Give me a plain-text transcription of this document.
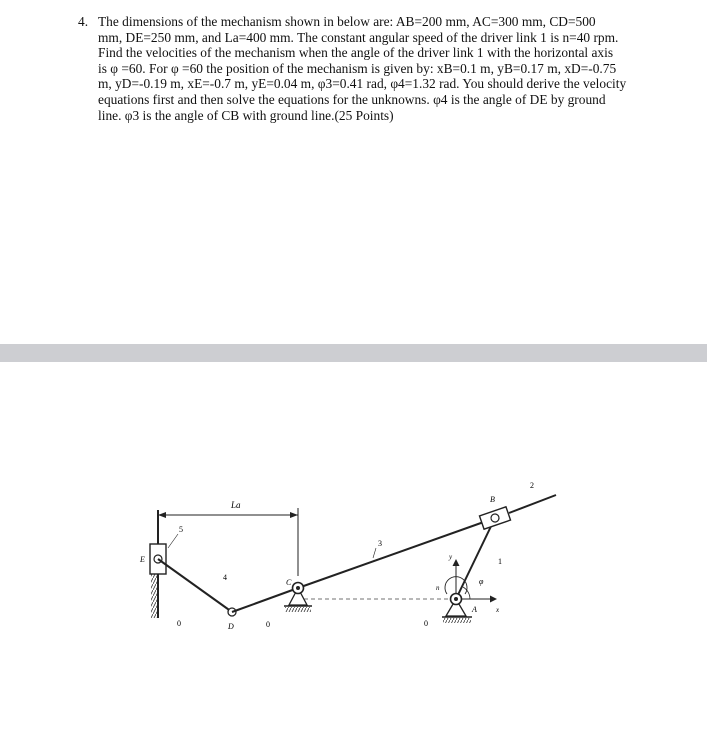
4. The dimensions of the mechanism shown in below are: AB=200 mm, AC=300 mm, CD=500

mm, DE=250 mm, and La=400 mm. The constant angular speed of the driver link 1 is n=40 rpm.

Find the velocities of the mechanism when the angle of the driver link 1 with the horizontal axis

is φ =60. For φ =60 the position of the mechanism is given by: xB=0.1 m, yB=0.17 m, xD=-0.75

m, yD=-0.19 m, xE=-0.7 m, yE=0.04 m, φ3=0.41 rad, φ4=1.32 rad. You should derive the velocity

equations first and then solve the equations for the unknowns. φ4 is the angle of DE by ground

line. φ3 is the angle of CB with ground line.(25 Points)

La
0
5
E
4
D
3
C
0
y
x
n
φ
1
A
0
B
2
